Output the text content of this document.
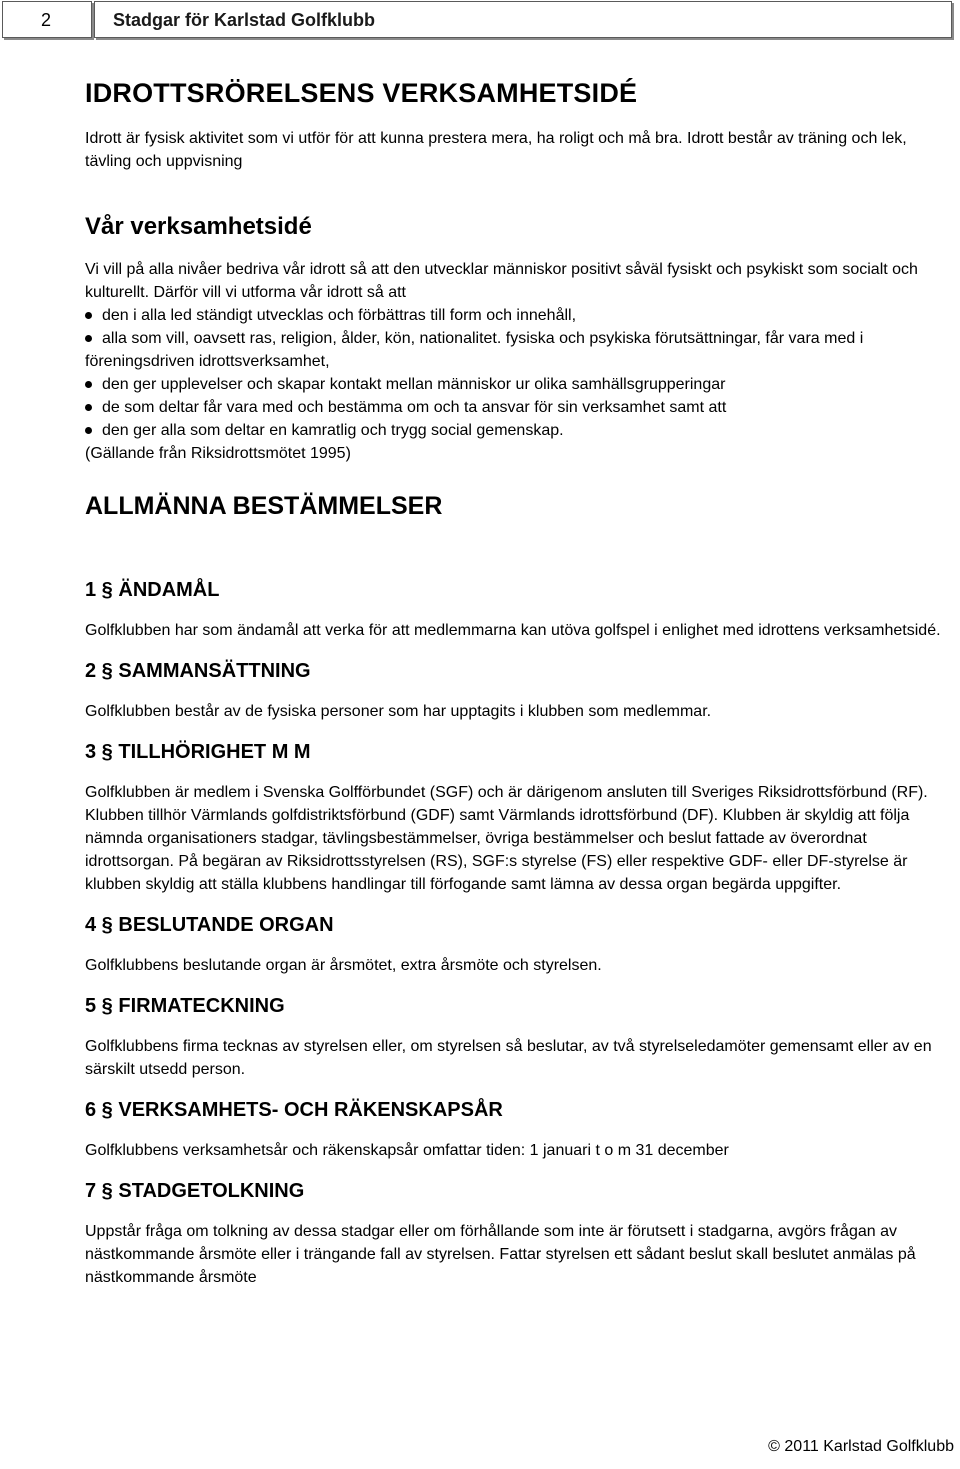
2	Stadgar för Karlstad Golfklubb
IDROTTSRÖRELSENS VERKSAMHETSIDÉ

Idrott är fysisk aktivitet som vi utför för att kunna prestera mera, ha roligt och må bra. Idrott består av träning och lek, tävling och uppvisning

Vår verksamhetsidé

Vi vill på alla nivåer bedriva vår idrott så att den utvecklar människor positivt såväl fysiskt och psykiskt som socialt och kulturellt. Därför vill vi utforma vår idrott så att

den i alla led ständigt utvecklas och förbättras till form och innehåll,
alla som vill, oavsett ras, religion, ålder, kön, nationalitet. fysiska och psykiska förutsättningar, får vara med i föreningsdriven idrottsverksamhet,
den ger upplevelser och skapar kontakt mellan människor ur olika samhällsgrupperingar
de som deltar får vara med och bestämma om och ta ansvar för sin verksamhet samt att
den ger alla som deltar en kamratlig och trygg social gemenskap.

(Gällande från Riksidrottsmötet 1995)

ALLMÄNNA BESTÄMMELSER
1 § ÄNDAMÅL

Golfklubben har som ändamål att verka för att medlemmarna kan utöva golfspel i enlighet med idrottens verksamhetsidé.

2 § SAMMANSÄTTNING

Golfklubben består av de fysiska personer som har upptagits i klubben som medlemmar.

3 § TILLHÖRIGHET M M

Golfklubben är medlem i Svenska Golfförbundet (SGF) och är därigenom ansluten till Sveriges Riksidrottsförbund (RF).

Klubben tillhör Värmlands golfdistriktsförbund (GDF) samt Värmlands idrottsförbund (DF). Klubben är skyldig att följa nämnda organisationers stadgar, tävlingsbestämmelser, övriga bestämmelser och beslut fattade av överordnat idrottsorgan. På begäran av Riksidrottsstyrelsen (RS), SGF:s styrelse (FS) eller respektive GDF- eller DF-styrelse är klubben skyldig att ställa klubbens handlingar till förfogande samt lämna av dessa organ begärda uppgifter.

4 § BESLUTANDE ORGAN

Golfklubbens beslutande organ är årsmötet, extra årsmöte och styrelsen.

5 § FIRMATECKNING

Golfklubbens firma tecknas av styrelsen eller, om styrelsen så beslutar, av två styrelseledamöter gemensamt eller av en särskilt utsedd person.

6 § VERKSAMHETS- OCH RÄKENSKAPSÅR

Golfklubbens verksamhetsår och räkenskapsår omfattar tiden: 1 januari t o m 31 december

7 § STADGETOLKNING

Uppstår fråga om tolkning av dessa stadgar eller om förhållande som inte är förutsett i stadgarna, avgörs frågan av nästkommande årsmöte eller i trängande fall av styrelsen. Fattar styrelsen ett sådant beslut skall beslutet anmälas på nästkommande årsmöte

© 2011 Karlstad Golfklubb
